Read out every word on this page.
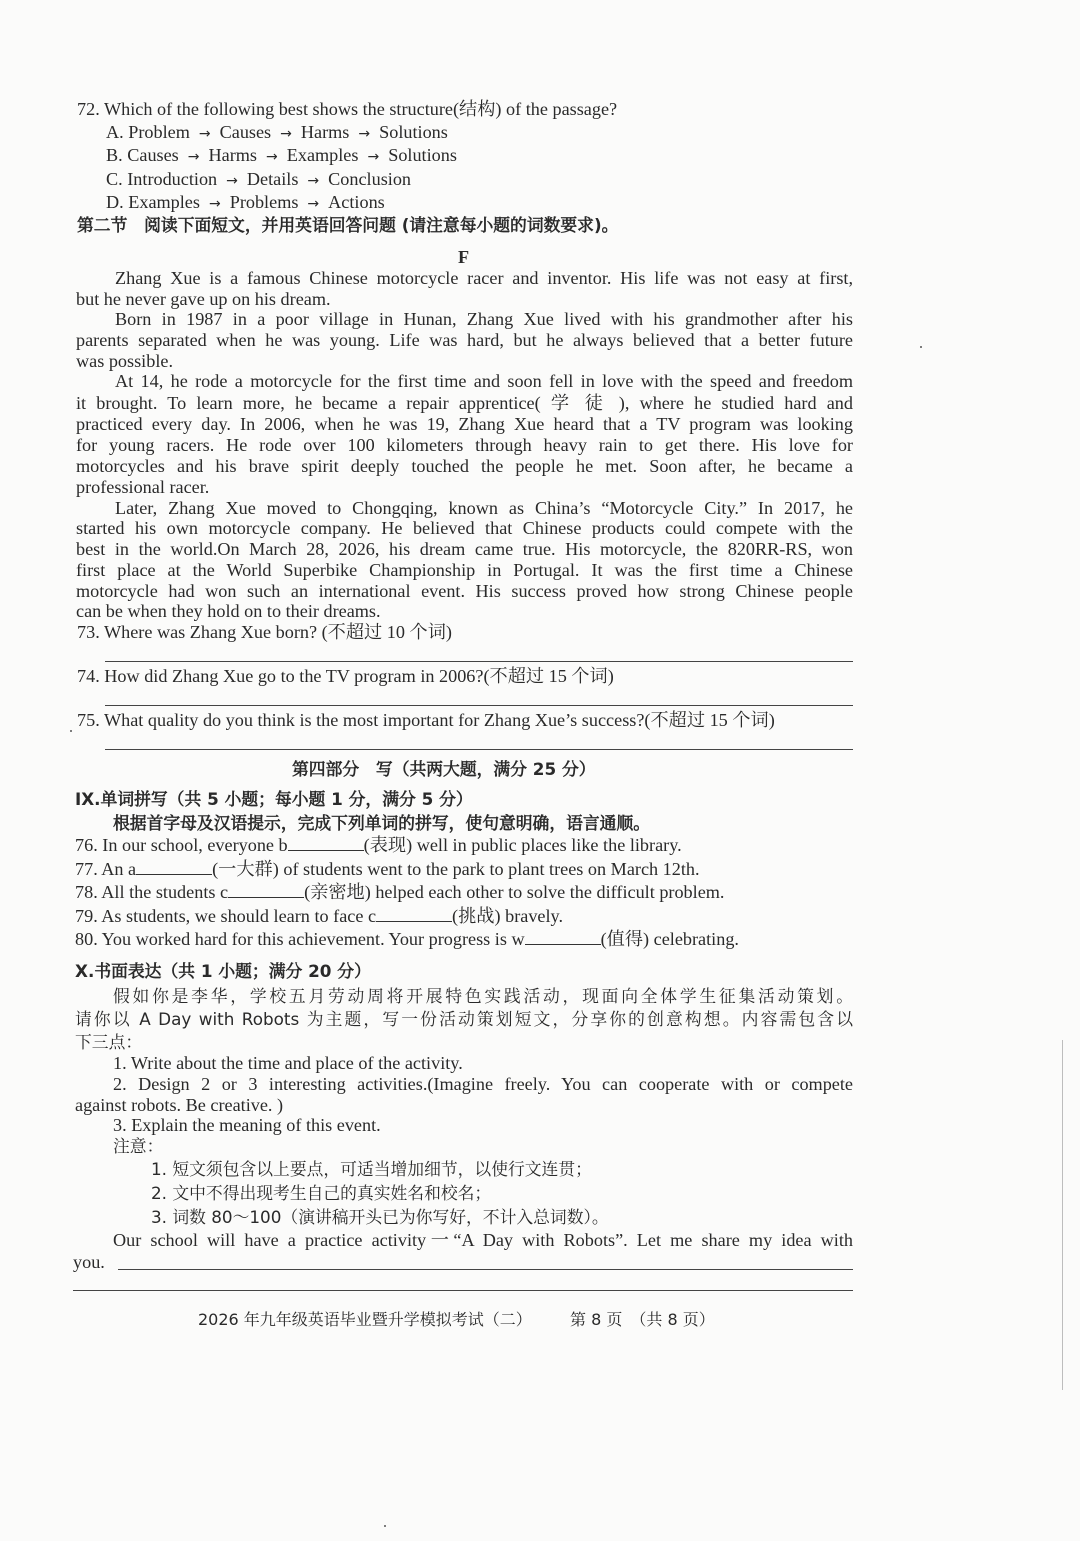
72. Which of the following best shows the structure(结构) of the passage?
A. Problem → Causes → Harms → Solutions
B. Causes → Harms → Examples → Solutions
C. Introduction → Details → Conclusion
D. Examples → Problems → Actions
第二节　阅读下面短文，并用英语回答问题 (请注意每小题的词数要求)。
F
Zhang Xue is a famous Chinese motorcycle racer and inventor. His life was not easy at first,
but he never gave up on his dream.
Born in 1987 in a poor village in Hunan, Zhang Xue lived with his grandmother after his
parents separated when he was young. Life was hard, but he always believed that a better future
was possible.
At 14, he rode a motorcycle for the first time and soon fell in love with the speed and freedom
it brought. To learn more, he became a repair apprentice( 学 徒 ), where he studied hard and
practiced every day. In 2006, when he was 19, Zhang Xue heard that a TV program was looking
for young racers. He rode over 100 kilometers through heavy rain to get there. His love for
motorcycles and his brave spirit deeply touched the people he met. Soon after, he became a
professional racer.
Later, Zhang Xue moved to Chongqing, known as China’s “Motorcycle City.” In 2017, he
started his own motorcycle company. He believed that Chinese products could compete with the
best in the world.On March 28, 2026, his dream came true. His motorcycle, the 820RR-RS, won
first place at the World Superbike Championship in Portugal. It was the first time a Chinese
motorcycle had won such an international event. His success proved how strong Chinese people
can be when they hold on to their dreams.
73. Where was Zhang Xue born? (不超过 10 个词)
74. How did Zhang Xue go to the TV program in 2006?(不超过 15 个词)
75. What quality do you think is the most important for Zhang Xue’s success?(不超过 15 个词)
第四部分　写（共两大题，满分 25 分）
IX.单词拼写（共 5 小题；每小题 1 分，满分 5 分）
根据首字母及汉语提示，完成下列单词的拼写，使句意明确，语言通顺。
76. In our school, everyone b	(表现) well in public places like the library.
77. An a	(一大群) of students went to the park to plant trees on March 12th.
78. All the students c	(亲密地) helped each other to solve the difficult problem.
79. As students, we should learn to face c	(挑战) bravely.
80. You worked hard for this achievement. Your progress is w	(值得) celebrating.
X.书面表达（共 1 小题；满分 20 分）
假如你是李华，学校五月劳动周将开展特色实践活动，现面向全体学生征集活动策划。
请你以 A Day with Robots 为主题，写一份活动策划短文，分享你的创意构想。内容需包含以
下三点：
1. Write about the time and place of the activity.
2. Design 2 or 3 interesting activities.(Imagine freely. You can cooperate with or compete
against robots. Be creative. )
3. Explain the meaning of this event.
注意：
1. 短文须包含以上要点，可适当增加细节，以使行文连贯；
2. 文中不得出现考生自己的真实姓名和校名；
3. 词数 80～100（演讲稿开头已为你写好，不计入总词数）。
Our school will have a practice activity一“A Day with Robots”. Let me share my idea with
you.
2026 年九年级英语毕业暨升学模拟考试（二） 第 8 页　（共 8 页）
